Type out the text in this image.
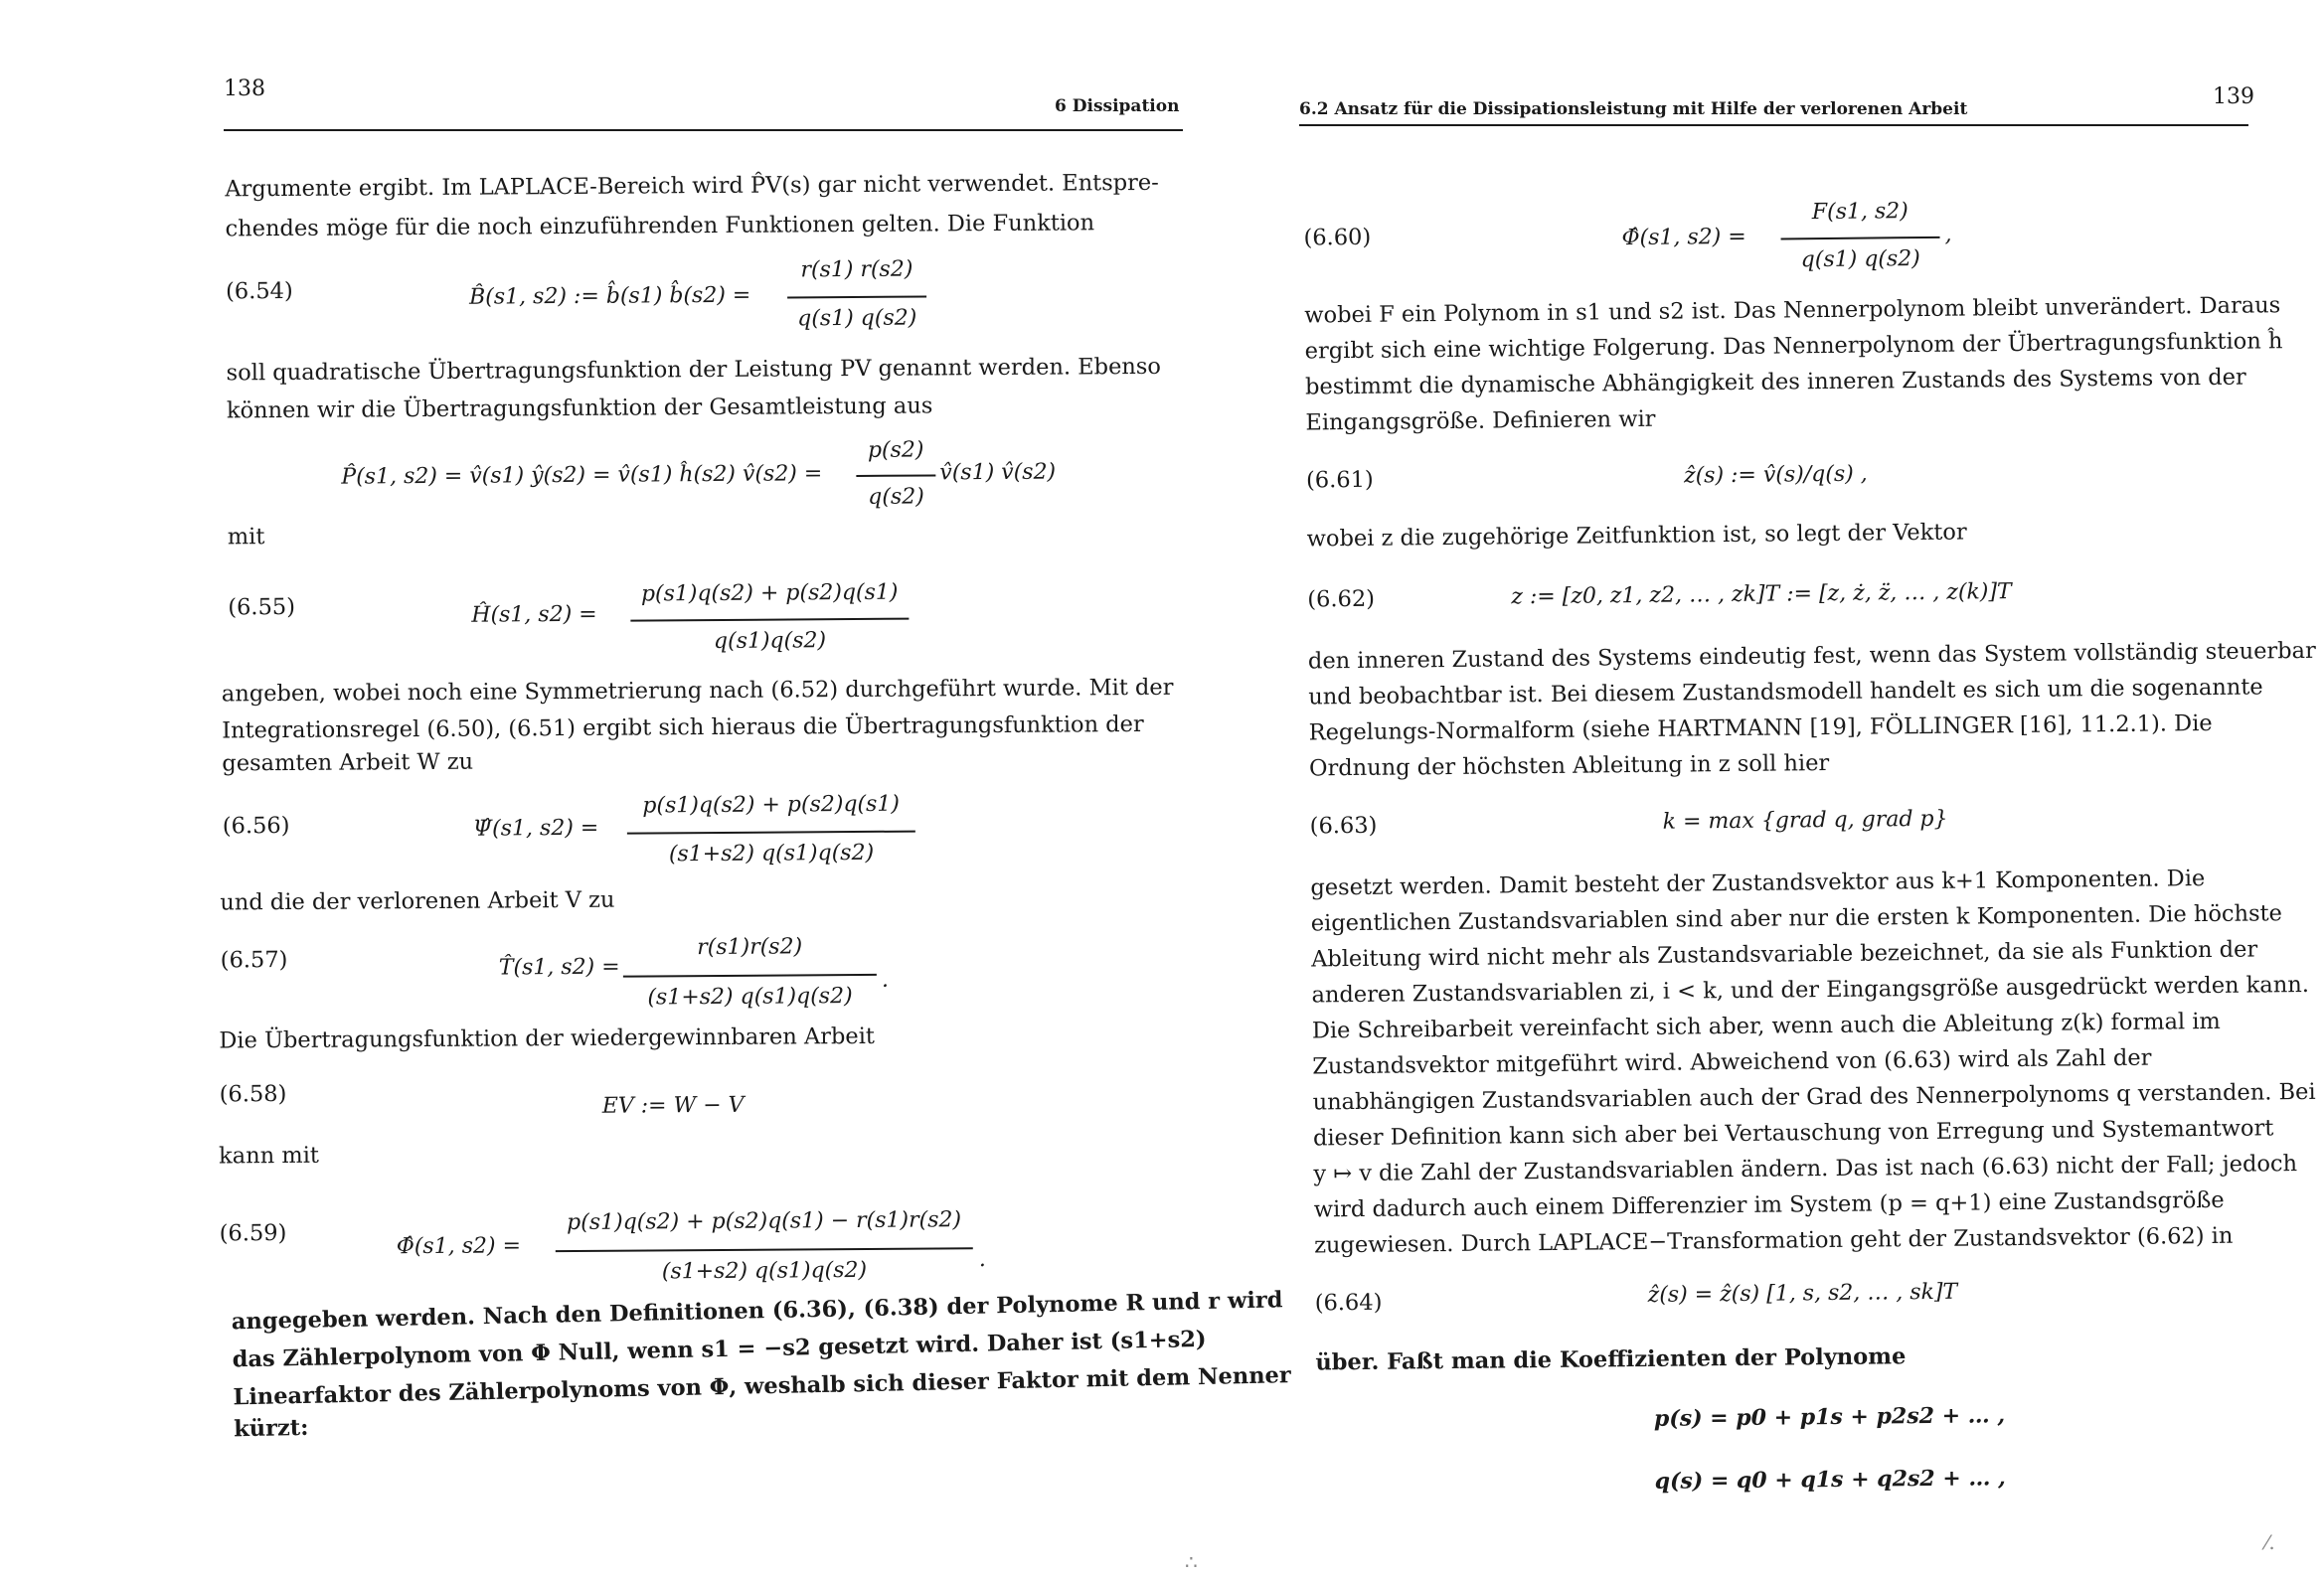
138
6 Dissipation
Argumente ergibt. Im LAPLACE-Bereich wird P̂V(s) gar nicht verwendet. Entspre-
chendes möge für die noch einzuführenden Funktionen gelten. Die Funktion
(6.54)	B̂(s1, s2) := b̂(s1) b̂(s2) =
r(s1) r(s2)
q(s1) q(s2)
soll quadratische Übertragungsfunktion der Leistung PV genannt werden. Ebenso
können wir die Übertragungsfunktion der Gesamtleistung aus
P̂(s1, s2) = v̂(s1) ŷ(s2) = v̂(s1) ĥ(s2) v̂(s2) =
p(s2)
q(s2)
v̂(s1) v̂(s2)
mit
(6.55)	Ĥ(s1, s2) =
p(s1)q(s2) + p(s2)q(s1)
q(s1)q(s2)
angeben, wobei noch eine Symmetrierung nach (6.52) durchgeführt wurde. Mit der
Integrationsregel (6.50), (6.51) ergibt sich hieraus die Übertragungsfunktion der
gesamten Arbeit W zu
(6.56)	Ψ̂(s1, s2) =
p(s1)q(s2) + p(s2)q(s1)
(s1+s2) q(s1)q(s2)
und die der verlorenen Arbeit V zu
(6.57)	T̂(s1, s2) =
r(s1)r(s2)
(s1+s2) q(s1)q(s2)
.
Die Übertragungsfunktion der wiedergewinnbaren Arbeit
(6.58)	EV := W − V
kann mit
(6.59)	Φ̂(s1, s2) =
p(s1)q(s2) + p(s2)q(s1) − r(s1)r(s2)
(s1+s2) q(s1)q(s2)	.
angegeben werden. Nach den Definitionen (6.36), (6.38) der Polynome R und r wird
das Zählerpolynom von Φ Null, wenn s1 = −s2 gesetzt wird. Daher ist (s1+s2)
Linearfaktor des Zählerpolynoms von Φ, weshalb sich dieser Faktor mit dem Nenner
kürzt:
6.2 Ansatz für die Dissipationsleistung mit Hilfe der verlorenen Arbeit	139
(6.60)	Φ̂(s1, s2) =
F(s1, s2)
q(s1) q(s2)
,
wobei F ein Polynom in s1 und s2 ist. Das Nennerpolynom bleibt unverändert. Daraus
ergibt sich eine wichtige Folgerung. Das Nennerpolynom der Übertragungsfunktion ĥ
bestimmt die dynamische Abhängigkeit des inneren Zustands des Systems von der
Eingangsgröße. Definieren wir
(6.61)	ẑ(s) := v̂(s)/q(s) ,
wobei z die zugehörige Zeitfunktion ist, so legt der Vektor
(6.62)	z := [z0, z1, z2, … , zk]T := [z, ż, z̈, … , z(k)]T
den inneren Zustand des Systems eindeutig fest, wenn das System vollständig steuerbar
und beobachtbar ist. Bei diesem Zustandsmodell handelt es sich um die sogenannte
Regelungs-Normalform (siehe HARTMANN [19], FÖLLINGER [16], 11.2.1). Die
Ordnung der höchsten Ableitung in z soll hier
(6.63)	k = max {grad q, grad p}
gesetzt werden. Damit besteht der Zustandsvektor aus k+1 Komponenten. Die
eigentlichen Zustandsvariablen sind aber nur die ersten k Komponenten. Die höchste
Ableitung wird nicht mehr als Zustandsvariable bezeichnet, da sie als Funktion der
anderen Zustandsvariablen zi, i < k, und der Eingangsgröße ausgedrückt werden kann.
Die Schreibarbeit vereinfacht sich aber, wenn auch die Ableitung z(k) formal im
Zustandsvektor mitgeführt wird. Abweichend von (6.63) wird als Zahl der
unabhängigen Zustandsvariablen auch der Grad des Nennerpolynoms q verstanden. Bei
dieser Definition kann sich aber bei Vertauschung von Erregung und Systemantwort
y ↦ v die Zahl der Zustandsvariablen ändern. Das ist nach (6.63) nicht der Fall; jedoch
wird dadurch auch einem Differenzier im System (p = q+1) eine Zustandsgröße
zugewiesen. Durch LAPLACE−Transformation geht der Zustandsvektor (6.62) in
(6.64)	ẑ(s) = ẑ(s) [1, s, s2, … , sk]T
über. Faßt man die Koeffizienten der Polynome
p(s) = p0 + p1s + p2s2 + … ,
q(s) = q0 + q1s + q2s2 + … ,
⁄.
∴
